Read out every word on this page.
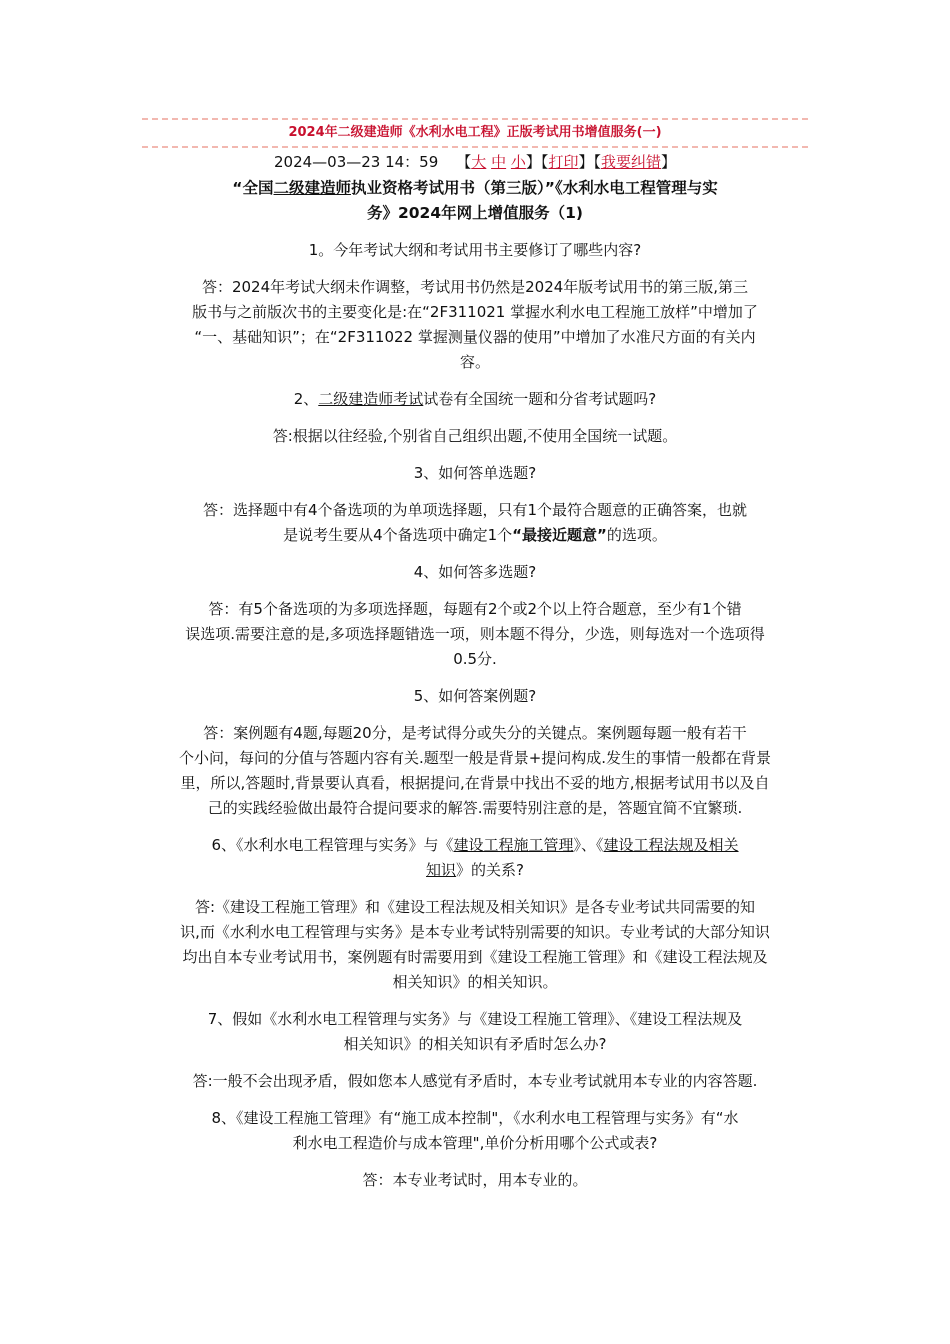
2024年二级建造师《水利水电工程》正版考试用书增值服务(一)

2024—03—23 14：59 【大 中 小】【打印】【我要纠错】

“全国二级建造师执业资格考试用书（第三版）”《水利水电工程管理与实
务》2024年网上增值服务（1)

1。今年考试大纲和考试用书主要修订了哪些内容?

答：2024年考试大纲未作调整，考试用书仍然是2024年版考试用书的第三版,第三
版书与之前版次书的主要变化是:在“2F311021 掌握水利水电工程施工放样”中增加了
“一、基础知识”；在“2F311022 掌握测量仪器的使用”中增加了水准尺方面的有关内
容。

2、二级建造师考试试卷有全国统一题和分省考试题吗?

答:根据以往经验,个别省自己组织出题,不使用全国统一试题。

3、如何答单选题?

答：选择题中有4个备选项的为单项选择题，只有1个最符合题意的正确答案，也就
是说考生要从4个备选项中确定1个“最接近题意”的选项。

4、如何答多选题?

答：有5个备选项的为多项选择题，每题有2个或2个以上符合题意，至少有1个错
误选项.需要注意的是,多项选择题错选一项，则本题不得分，少选，则每选对一个选项得
0.5分.

5、如何答案例题?

答：案例题有4题,每题20分，是考试得分或失分的关键点。案例题每题一般有若干
个小问，每问的分值与答题内容有关.题型一般是背景+提问构成.发生的事情一般都在背景
里，所以,答题时,背景要认真看，根据提问,在背景中找出不妥的地方,根据考试用书以及自
己的实践经验做出最符合提问要求的解答.需要特别注意的是，答题宜简不宜繁琐.

6、《水利水电工程管理与实务》与《建设工程施工管理》、《建设工程法规及相关
知识》的关系?

答:《建设工程施工管理》和《建设工程法规及相关知识》是各专业考试共同需要的知
识,而《水利水电工程管理与实务》是本专业考试特别需要的知识。专业考试的大部分知识
均出自本专业考试用书，案例题有时需要用到《建设工程施工管理》和《建设工程法规及
相关知识》的相关知识。

7、假如《水利水电工程管理与实务》与《建设工程施工管理》、《建设工程法规及
相关知识》的相关知识有矛盾时怎么办?

答:一般不会出现矛盾，假如您本人感觉有矛盾时，本专业考试就用本专业的内容答题.

8、《建设工程施工管理》有“施工成本控制"，《水利水电工程管理与实务》有“水
利水电工程造价与成本管理",单价分析用哪个公式或表?

答：本专业考试时，用本专业的。
